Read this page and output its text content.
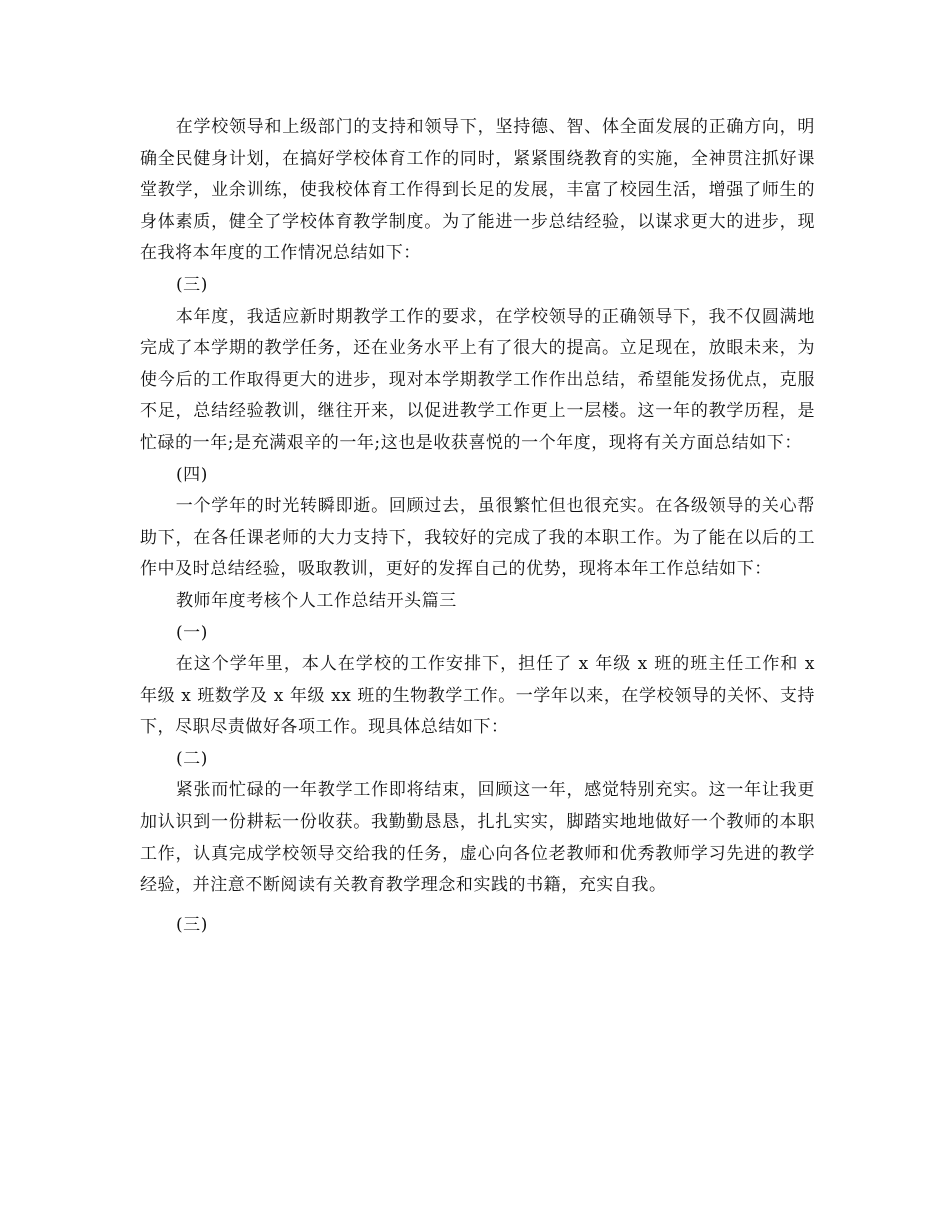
在学校领导和上级部门的支持和领导下，坚持德、智、体全面发展的正确方向，明确全民健身计划，在搞好学校体育工作的同时，紧紧围绕教育的实施，全神贯注抓好课堂教学，业余训练，使我校体育工作得到长足的发展，丰富了校园生活，增强了师生的身体素质，健全了学校体育教学制度。为了能进一步总结经验，以谋求更大的进步，现在我将本年度的工作情况总结如下：

(三)

本年度，我适应新时期教学工作的要求，在学校领导的正确领导下，我不仅圆满地完成了本学期的教学任务，还在业务水平上有了很大的提高。立足现在，放眼未来，为使今后的工作取得更大的进步，现对本学期教学工作作出总结，希望能发扬优点，克服不足，总结经验教训，继往开来，以促进教学工作更上一层楼。这一年的教学历程，是忙碌的一年;是充满艰辛的一年;这也是收获喜悦的一个年度，现将有关方面总结如下：

(四)

一个学年的时光转瞬即逝。回顾过去，虽很繁忙但也很充实。在各级领导的关心帮助下，在各任课老师的大力支持下，我较好的完成了我的本职工作。为了能在以后的工作中及时总结经验，吸取教训，更好的发挥自己的优势，现将本年工作总结如下：

教师年度考核个人工作总结开头篇三

(一)

在这个学年里，本人在学校的工作安排下，担任了 x 年级 x 班的班主任工作和 x 年级 x 班数学及 x 年级 xx 班的生物教学工作。一学年以来，在学校领导的关怀、支持下，尽职尽责做好各项工作。现具体总结如下：

(二)

紧张而忙碌的一年教学工作即将结束，回顾这一年，感觉特别充实。这一年让我更加认识到一份耕耘一份收获。我勤勤恳恳，扎扎实实，脚踏实地地做好一个教师的本职工作，认真完成学校领导交给我的任务，虚心向各位老教师和优秀教师学习先进的教学经验，并注意不断阅读有关教育教学理念和实践的书籍，充实自我。

(三)
